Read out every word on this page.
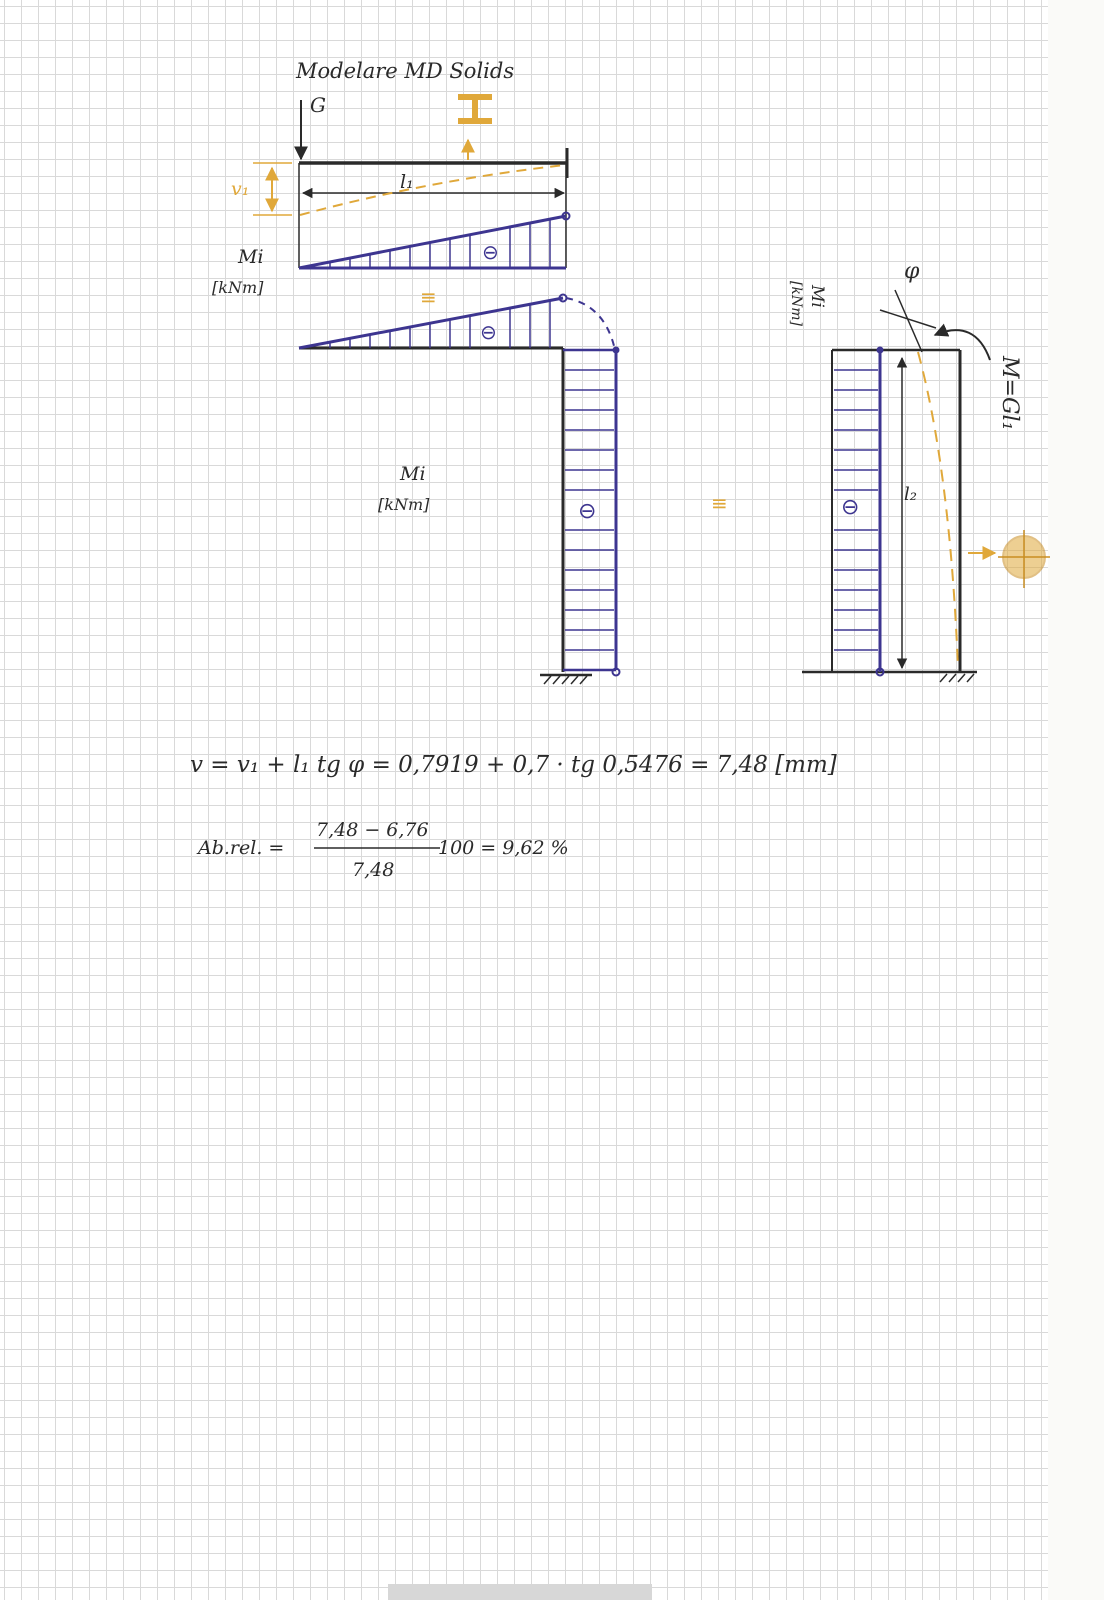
Modelare MD Solids
G
l₁
v₁
⊖
Mi
[kNm]	≡
⊖
⊖
Mi
[kNm]	≡	⊖
Mi
[kNm]
l₂
φ
M=Gl₁
v = v₁ + l₁ tg φ = 0,7919 + 0,7 · tg 0,5476 = 7,48 [mm]
Ab.rel. =
7,48 − 6,76
7,48
100 = 9,62 %
